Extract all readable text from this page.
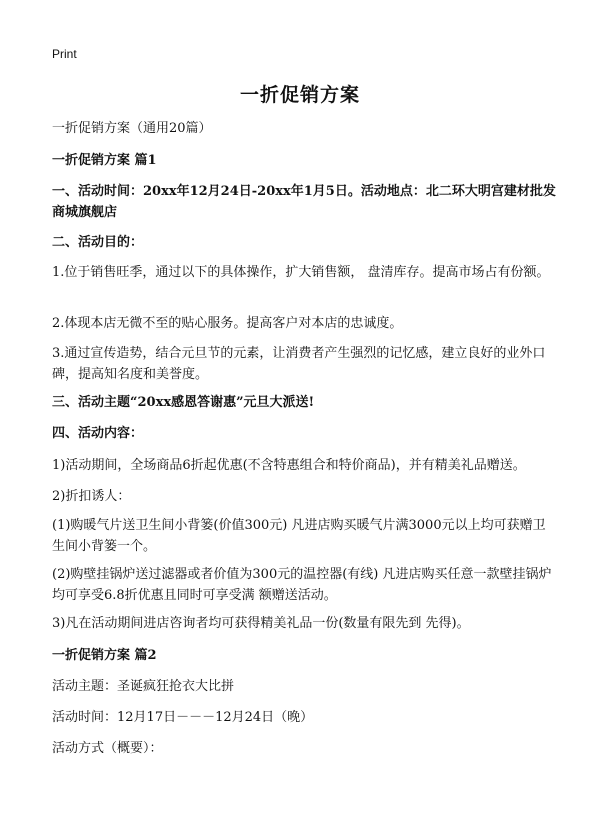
Print
一折促销方案

一折促销方案（通用20篇）

一折促销方案 篇1

一、活动时间：20xx年12月24日-20xx年1月5日。活动地点：北二环大明宫建材批发商城旗舰店

二、活动目的：

1.位于销售旺季，通过以下的具体操作，扩大销售额， 盘清库存。提高市场占有份额。

2.体现本店无微不至的贴心服务。提高客户对本店的忠诚度。

3.通过宣传造势，结合元旦节的元素，让消费者产生强烈的记忆感，建立良好的业外口碑，提高知名度和美誉度。

三、活动主题“20xx感恩答谢惠”元旦大派送!

四、活动内容：

1)活动期间，全场商品6折起优惠(不含特惠组合和特价商品)，并有精美礼品赠送。

2)折扣诱人：

(1)购暖气片送卫生间小背篓(价值300元) 凡进店购买暖气片满3000元以上均可获赠卫生间小背篓一个。

(2)购壁挂锅炉送过滤器或者价值为300元的温控器(有线) 凡进店购买任意一款壁挂锅炉均可享受6.8折优惠且同时可享受满 额赠送活动。

3)凡在活动期间进店咨询者均可获得精美礼品一份(数量有限先到 先得)。

一折促销方案 篇2

活动主题：圣诞疯狂抢衣大比拼

活动时间：12月17日－－－12月24日（晚）

活动方式（概要）：
